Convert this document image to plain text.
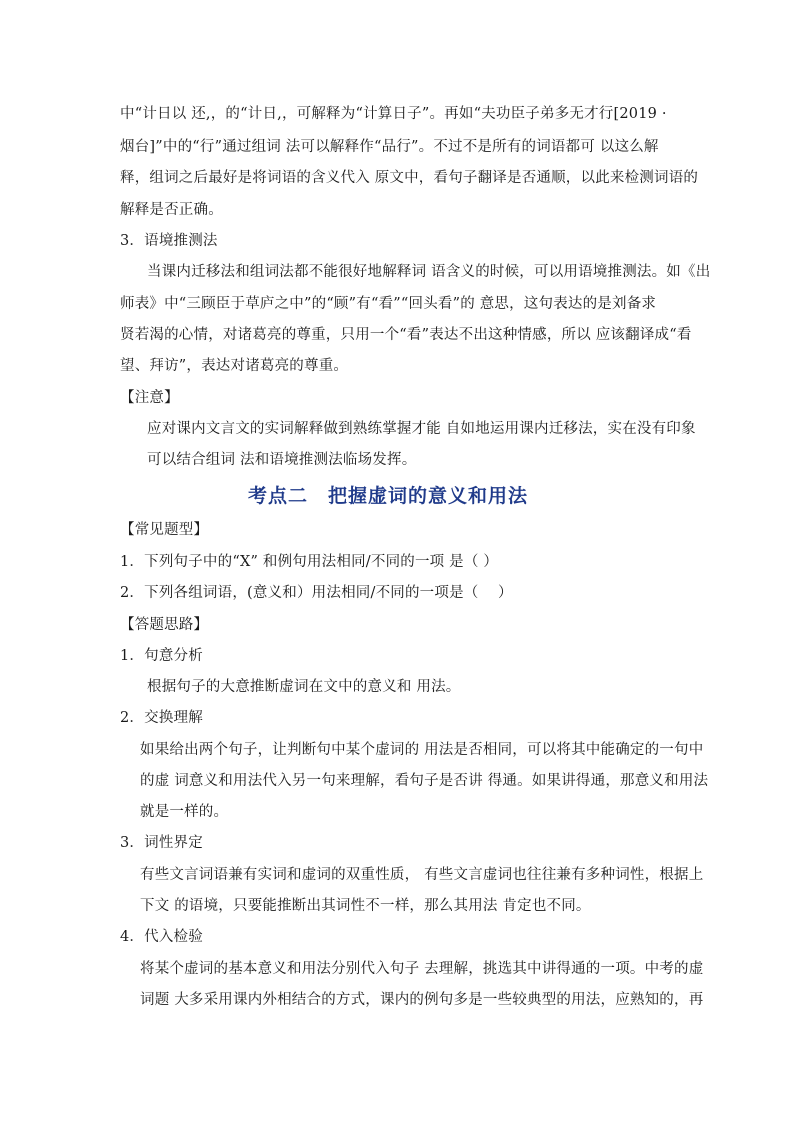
中“计日以 还,，的“计日,，可解释为“计算日子”。再如“夫功臣子弟多无才行[2019 ·
烟台]”中的“行”通过组词 法可以解释作“品行”。不过不是所有的词语都可 以这么解
释，组词之后最好是将词语的含义代入 原文中，看句子翻译是否通顺，以此来检测词语的
解释是否正确。
3．语境推测法
当课内迁移法和组词法都不能很好地解释词 语含义的时候，可以用语境推测法。如《出
师表》中“三顾臣于草庐之中”的“顾”有“看”“回头看”的 意思，这句表达的是刘备求
贤若渴的心情，对诸葛亮的尊重，只用一个“看”表达不出这种情感，所以 应该翻译成“看
望、拜访”，表达对诸葛亮的尊重。
【注意】
应对课内文言文的实词解释做到熟练掌握才能 自如地运用课内迁移法，实在没有印象
可以结合组词 法和语境推测法临场发挥。
考点二　把握虚词的意义和用法
【常见题型】
1．下列句子中的“X” 和例句用法相同/不同的一项 是（ ）
2．下列各组词语，(意义和）用法相同/不同的一项是（　 ）
【答题思路】
1．句意分析
根据句子的大意推断虚词在文中的意义和 用法。
2．交换理解
如果给出两个句子，让判断句中某个虚词的 用法是否相同，可以将其中能确定的一句中
的虚 词意义和用法代入另一句来理解，看句子是否讲 得通。如果讲得通，那意义和用法
就是一样的。
3．词性界定
有些文言词语兼有实词和虚词的双重性质， 有些文言虚词也往往兼有多种词性，根据上
下文 的语境，只要能推断出其词性不一样，那么其用法 肯定也不同。
4．代入检验
将某个虚词的基本意义和用法分别代入句子 去理解，挑选其中讲得通的一项。中考的虚
词题 大多采用课内外相结合的方式，课内的例句多是一些较典型的用法，应熟知的，再
